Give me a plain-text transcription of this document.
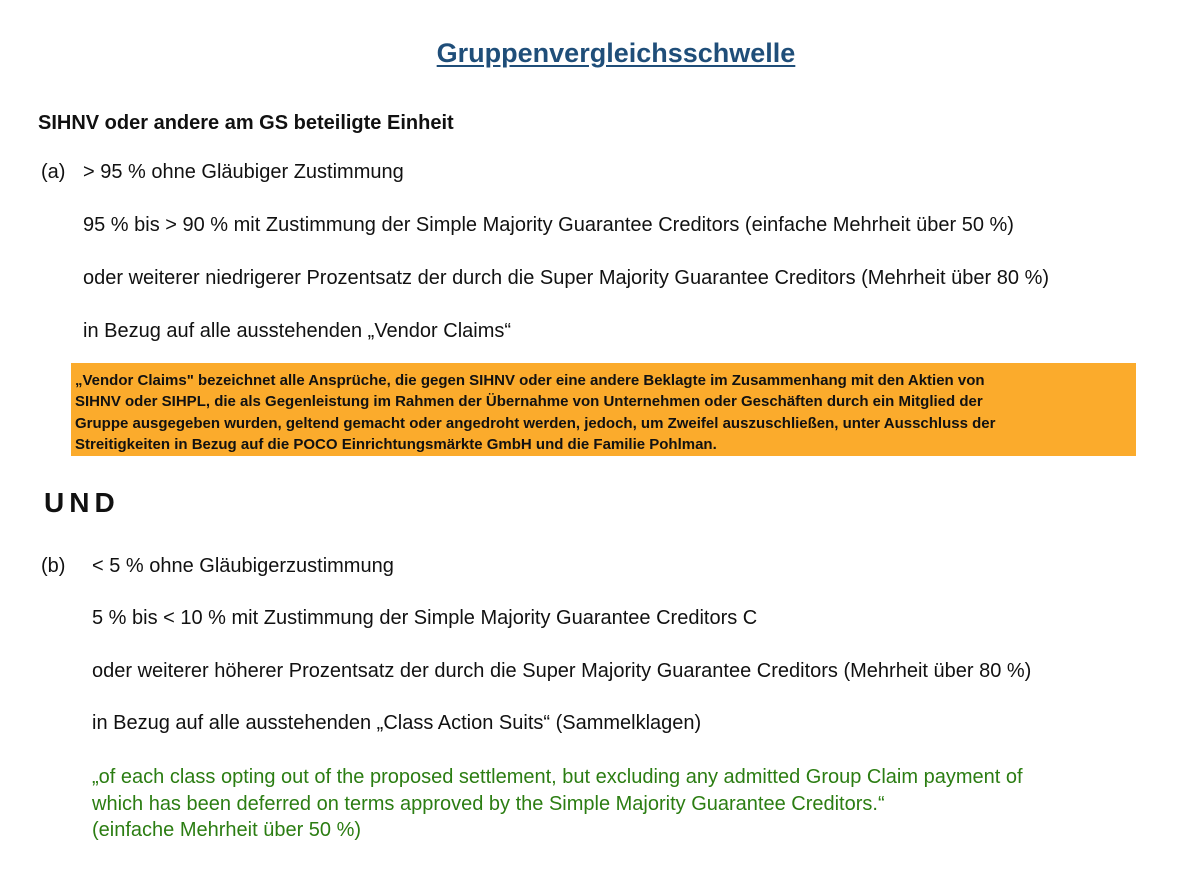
Gruppenvergleichsschwelle
SIHNV oder andere am GS beteiligte Einheit
(a) > 95 % ohne Gläubiger Zustimmung
95 % bis > 90 % mit Zustimmung der Simple Majority Guarantee Creditors (einfache Mehrheit über 50 %)
oder weiterer niedrigerer Prozentsatz der durch die Super Majority Guarantee Creditors (Mehrheit über 80 %)
in Bezug auf alle ausstehenden „Vendor Claims“
„Vendor Claims" bezeichnet alle Ansprüche, die gegen SIHNV oder eine andere Beklagte im Zusammenhang mit den Aktien von
SIHNV oder SIHPL, die als Gegenleistung im Rahmen der Übernahme von Unternehmen oder Geschäften durch ein Mitglied der
Gruppe ausgegeben wurden, geltend gemacht oder angedroht werden, jedoch, um Zweifel auszuschließen, unter Ausschluss der
Streitigkeiten in Bezug auf die POCO Einrichtungsmärkte GmbH und die Familie Pohlman.
UND
(b) < 5 % ohne Gläubigerzustimmung
5 % bis < 10 % mit Zustimmung der Simple Majority Guarantee Creditors C
oder weiterer höherer Prozentsatz der durch die Super Majority Guarantee Creditors (Mehrheit über 80 %)
in Bezug auf alle ausstehenden „Class Action Suits“ (Sammelklagen)
„of each class opting out of the proposed settlement, but excluding any admitted Group Claim payment of
which has been deferred on terms approved by the Simple Majority Guarantee Creditors.“
(einfache Mehrheit über 50 %)
